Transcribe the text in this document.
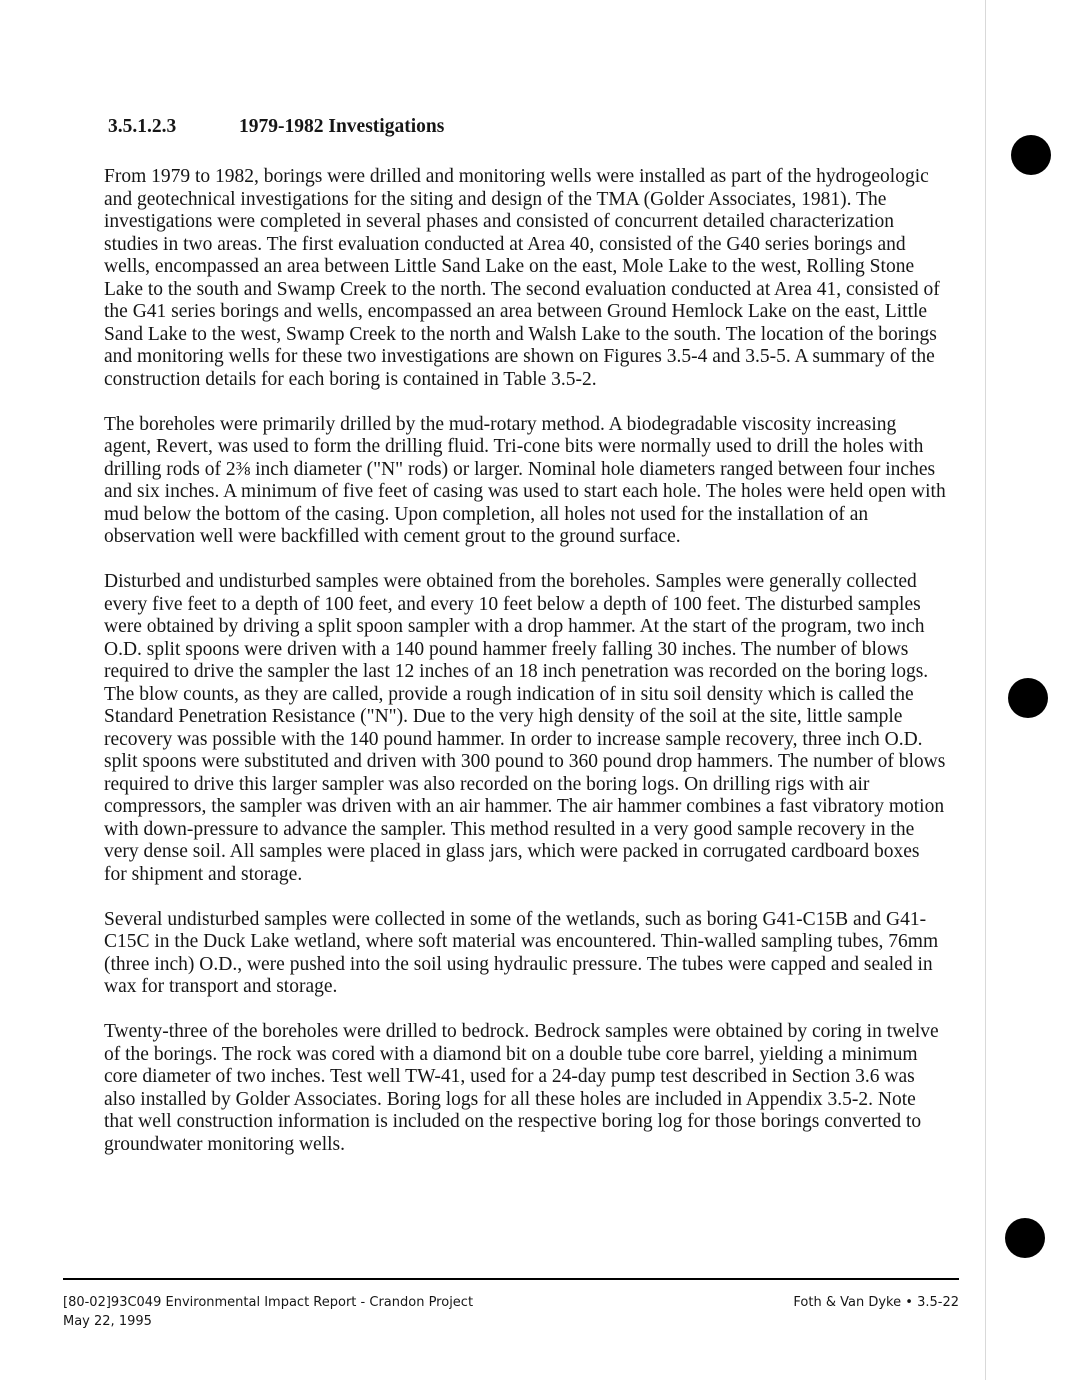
3.5.1.2.3	1979-1982 Investigations

From 1979 to 1982, borings were drilled and monitoring wells were installed as part of the hydrogeologic and geotechnical investigations for the siting and design of the TMA (Golder Associates, 1981). The investigations were completed in several phases and consisted of concurrent detailed characterization studies in two areas. The first evaluation conducted at Area 40, consisted of the G40 series borings and wells, encompassed an area between Little Sand Lake on the east, Mole Lake to the west, Rolling Stone Lake to the south and Swamp Creek to the north. The second evaluation conducted at Area 41, consisted of the G41 series borings and wells, encompassed an area between Ground Hemlock Lake on the east, Little Sand Lake to the west, Swamp Creek to the north and Walsh Lake to the south. The location of the borings and monitoring wells for these two investigations are shown on Figures 3.5-4 and 3.5-5. A summary of the construction details for each boring is contained in Table 3.5-2.

The boreholes were primarily drilled by the mud-rotary method. A biodegradable viscosity increasing agent, Revert, was used to form the drilling fluid. Tri-cone bits were normally used to drill the holes with drilling rods of 2⅜ inch diameter ("N" rods) or larger. Nominal hole diameters ranged between four inches and six inches. A minimum of five feet of casing was used to start each hole. The holes were held open with mud below the bottom of the casing. Upon completion, all holes not used for the installation of an observation well were backfilled with cement grout to the ground surface.

Disturbed and undisturbed samples were obtained from the boreholes. Samples were generally collected every five feet to a depth of 100 feet, and every 10 feet below a depth of 100 feet. The disturbed samples were obtained by driving a split spoon sampler with a drop hammer. At the start of the program, two inch O.D. split spoons were driven with a 140 pound hammer freely falling 30 inches. The number of blows required to drive the sampler the last 12 inches of an 18 inch penetration was recorded on the boring logs. The blow counts, as they are called, provide a rough indication of in situ soil density which is called the Standard Penetration Resistance ("N"). Due to the very high density of the soil at the site, little sample recovery was possible with the 140 pound hammer. In order to increase sample recovery, three inch O.D. split spoons were substituted and driven with 300 pound to 360 pound drop hammers. The number of blows required to drive this larger sampler was also recorded on the boring logs. On drilling rigs with air compressors, the sampler was driven with an air hammer. The air hammer combines a fast vibratory motion with down-pressure to advance the sampler. This method resulted in a very good sample recovery in the very dense soil. All samples were placed in glass jars, which were packed in corrugated cardboard boxes for shipment and storage.

Several undisturbed samples were collected in some of the wetlands, such as boring G41-C15B and G41-C15C in the Duck Lake wetland, where soft material was encountered. Thin-walled sampling tubes, 76mm (three inch) O.D., were pushed into the soil using hydraulic pressure. The tubes were capped and sealed in wax for transport and storage.

Twenty-three of the boreholes were drilled to bedrock. Bedrock samples were obtained by coring in twelve of the borings. The rock was cored with a diamond bit on a double tube core barrel, yielding a minimum core diameter of two inches. Test well TW-41, used for a 24-day pump test described in Section 3.6 was also installed by Golder Associates. Boring logs for all these holes are included in Appendix 3.5-2. Note that well construction information is included on the respective boring log for those borings converted to groundwater monitoring wells.

[80-02]93C049 Environmental Impact Report - Crandon Project
May 22, 1995
Foth & Van Dyke • 3.5-22
